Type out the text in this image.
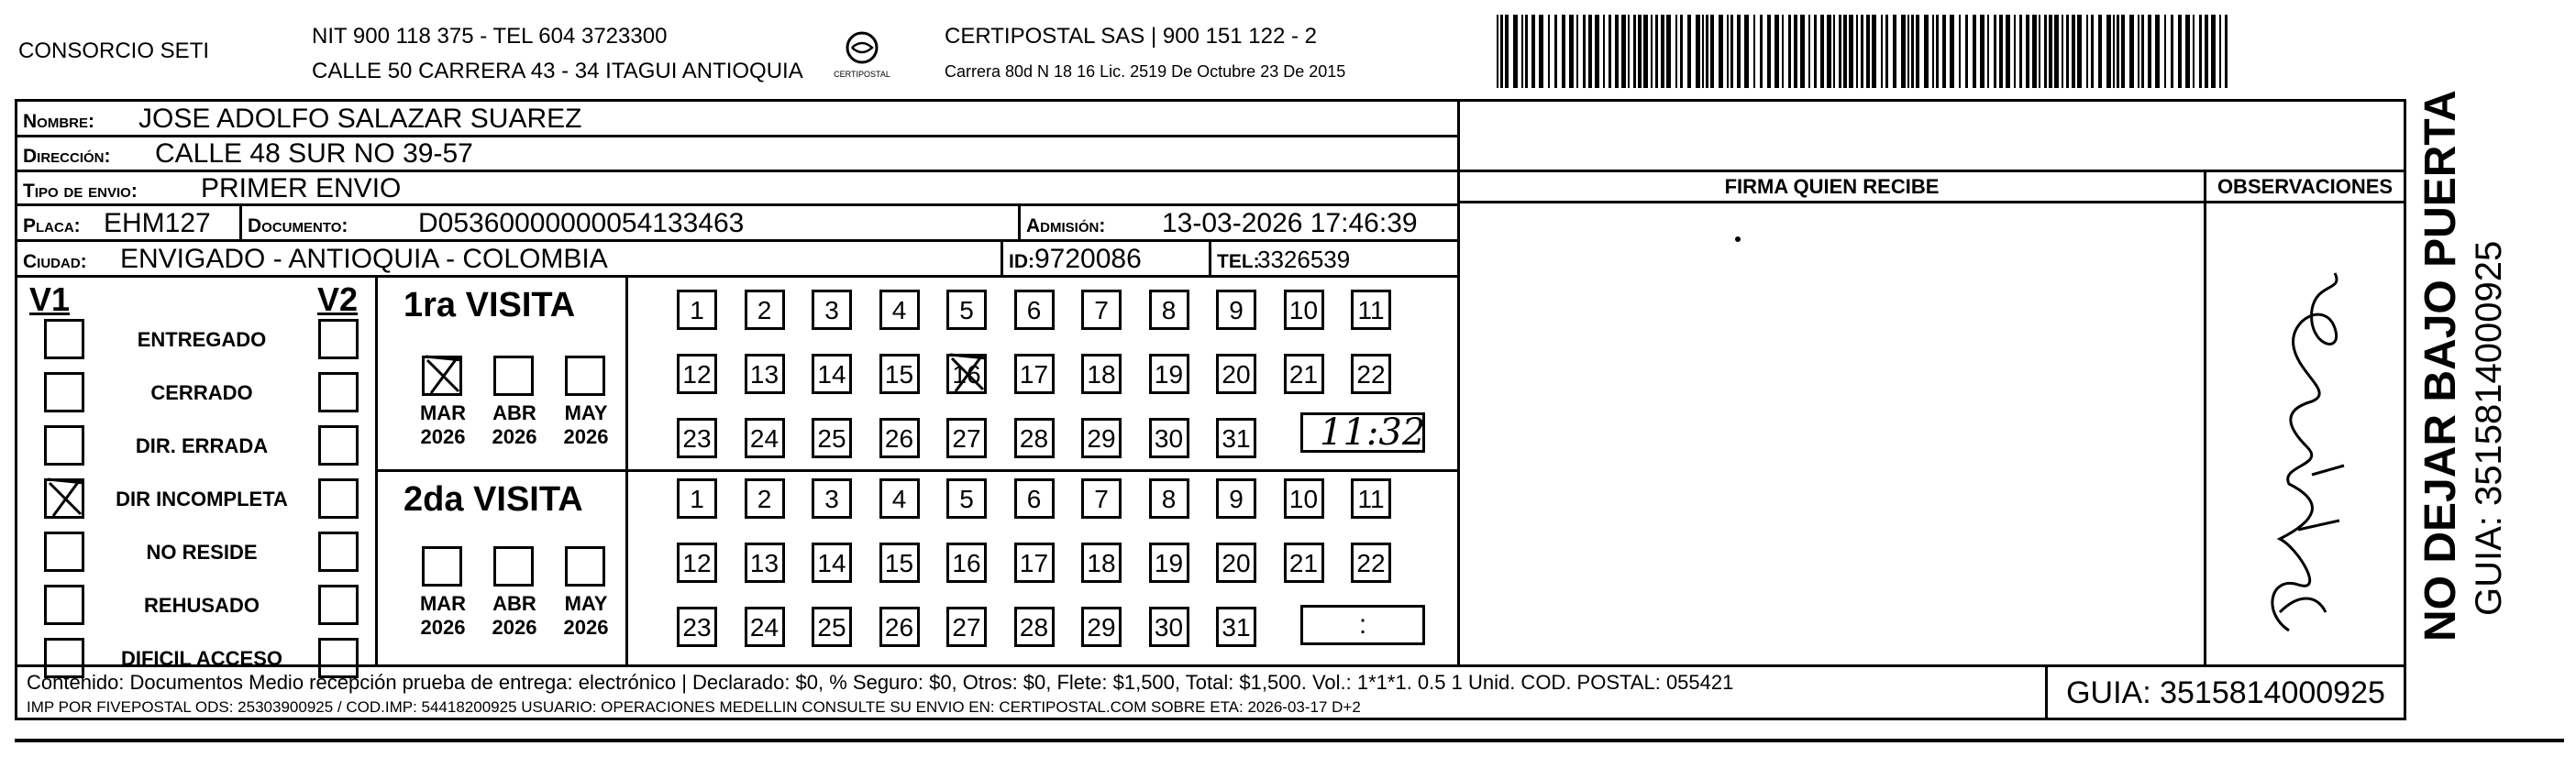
CONSORCIO SETI
NIT 900 118 375 - TEL 604 3723300
CALLE 50 CARRERA 43 - 34 ITAGUI ANTIOQUIA	CERTIPOSTAL
CERTIPOSTAL SAS | 900 151 122 - 2
Carrera 80d N 18 16 Lic. 2519 De Octubre 23 De 2015
Nombre: JOSE ADOLFO SALAZAR SUAREZ
Dirección: CALLE 48 SUR NO 39-57
Tipo de envio: PRIMER ENVIO
Placa: EHM127 Documento:	D05360000000054133463	Admisión: 13-03-2026 17:46:39
Ciudad: ENVIGADO - ANTIOQUIA - COLOMBIA	ID: 9720086	TEL:
3326539
FIRMA QUIEN RECIBE	OBSERVACIONES
V1	V2
ENTREGADO
CERRADO
DIR. ERRADA
DIR INCOMPLETA
NO RESIDE
REHUSADO
DIFICIL ACCESO
1ra VISITA
2da VISITA
MAR
2026
ABR
2026
MAY
2026
MAR
2026
ABR
2026
MAY
2026
1	2	3	4	5	6	7	8	9	10 11
12 13 14 15 16 17 18 19 20 21 22
23 24 25 26 27 28 29 30 31
1	2	3	4	5	6	7	8	9	10 11
12 13 14 15 16 17 18 19 20 21 22
23 24 25 26 27 28 29 30 31
11:32
:
Contenido: Documentos Medio recepción prueba de entrega: electrónico | Declarado: $0, % Seguro: $0, Otros: $0, Flete: $1,500, Total: $1,500. Vol.: 1*1*1. 0.5 1 Unid. COD. POSTAL: 055421
IMP POR FIVEPOSTAL ODS: 25303900925 / COD.IMP: 54418200925 USUARIO: OPERACIONES MEDELLIN CONSULTE SU ENVIO EN: CERTIPOSTAL.COM SOBRE ETA: 2026-03-17 D+2	GUIA: 3515814000925
NO DEJAR BAJO PUERTA GUIA: 3515814000925
